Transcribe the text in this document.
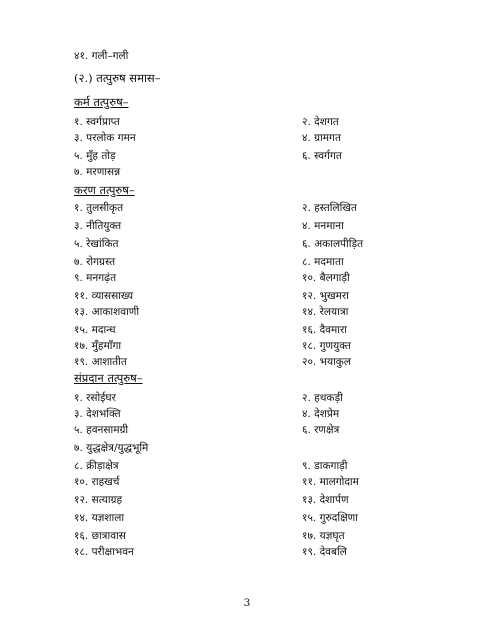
४१. गली–गली
(२.) तत्पुरुष समास–
कर्म तत्पुरुष–
१. स्वर्गप्राप्त	२. देशगत
३. परलोक गमन	४. ग्रामगत
५. मुँह तोड़	६. स्वर्गगत
७. मरणासन्न
करण तत्पुरुष–
१. तुलसीकृत	२. हस्तलिखित
३. नीतियुक्त	४. मनमाना
५. रेखांकित	६. अकालपीड़ित
७. रोगग्रस्त	८. मदमाता
९. मनगढ़ंत	१०. बैलगाड़ी
११. व्याससाख्य	१२. भुखमरा
१३. आकाशवाणी	१४. रेलयात्रा
१५. मदान्ध	१६. दैवमारा
१७. मुँहमाँगा	१८. गुणयुक्त
१९. आशातीत	२०. भयाकुल
संप्रदान तत्पुरुष–
१. रसोईघर	२. हथकड़ी
३. देशभक्ति	४. देशप्रेम
५. हवनसामग्री	६. रणक्षेत्र
७. युद्धक्षेत्र/युद्धभूमि
८. क्रीड़ाक्षेत्र	९. डाकगाड़ी
१०. राहखर्च	११. मालगोदाम
१२. सत्याग्रह	१३. देशार्पण
१४. यज्ञशाला	१५. गुरुदक्षिणा
१६. छात्रावास	१७. यज्ञघृत
१८. परीक्षाभवन	१९. देवबलि
3
